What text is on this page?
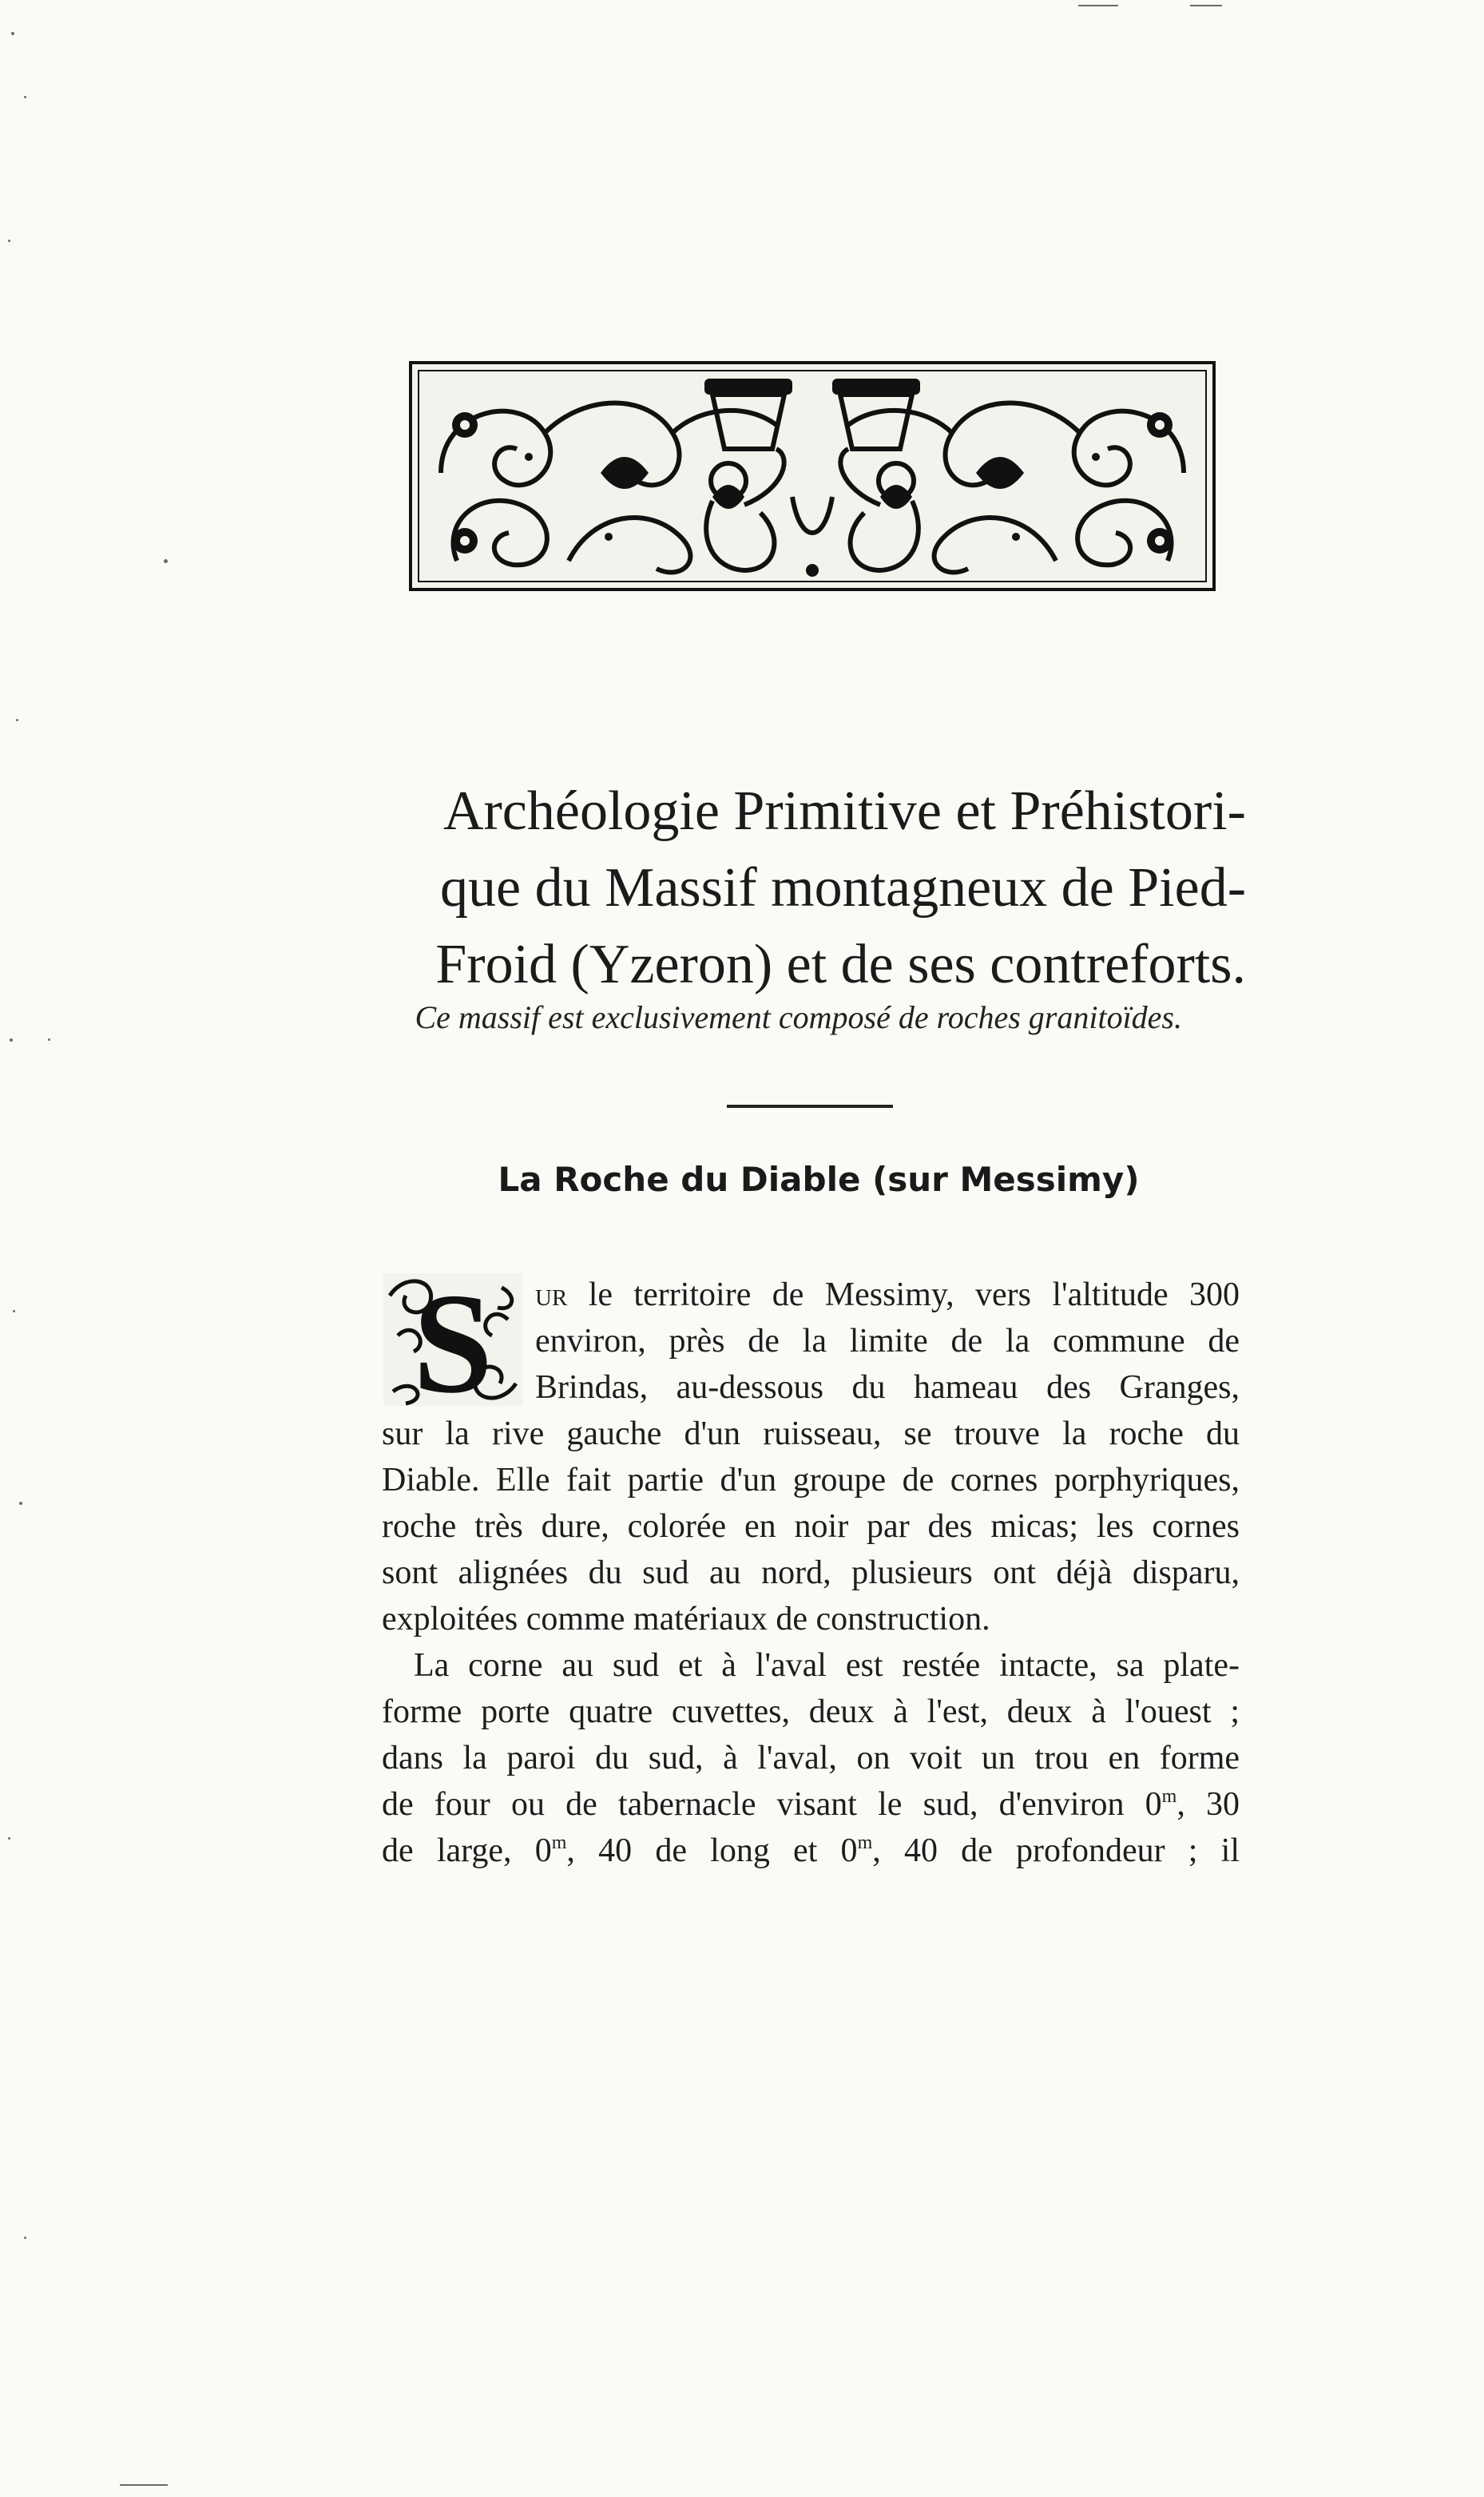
Archéologie Primitive et Préhistori-
que du Massif montagneux de Pied-
Froid (Yzeron) et de ses contreforts.

Ce massif est exclusivement composé de roches granitoïdes.

La Roche du Diable (sur Messimy)
S	ur le territoire de Messimy, vers l'altitude 300
environ, près de la limite de la commune de
Brindas, au-dessous du hameau des Granges,
sur la rive gauche d'un ruisseau, se trouve la roche du
Diable. Elle fait partie d'un groupe de cornes porphyriques,
roche très dure, colorée en noir par des micas; les cornes
sont alignées du sud au nord, plusieurs ont déjà disparu,
exploitées comme matériaux de construction.

La corne au sud et à l'aval est restée intacte, sa plate-
forme porte quatre cuvettes, deux à l'est, deux à l'ouest ;
dans la paroi du sud, à l'aval, on voit un trou en forme
de four ou de tabernacle visant le sud, d'environ 0$^m$, 30
de large, 0$^m$, 40 de long et 0$^m$, 40 de profondeur ; il
